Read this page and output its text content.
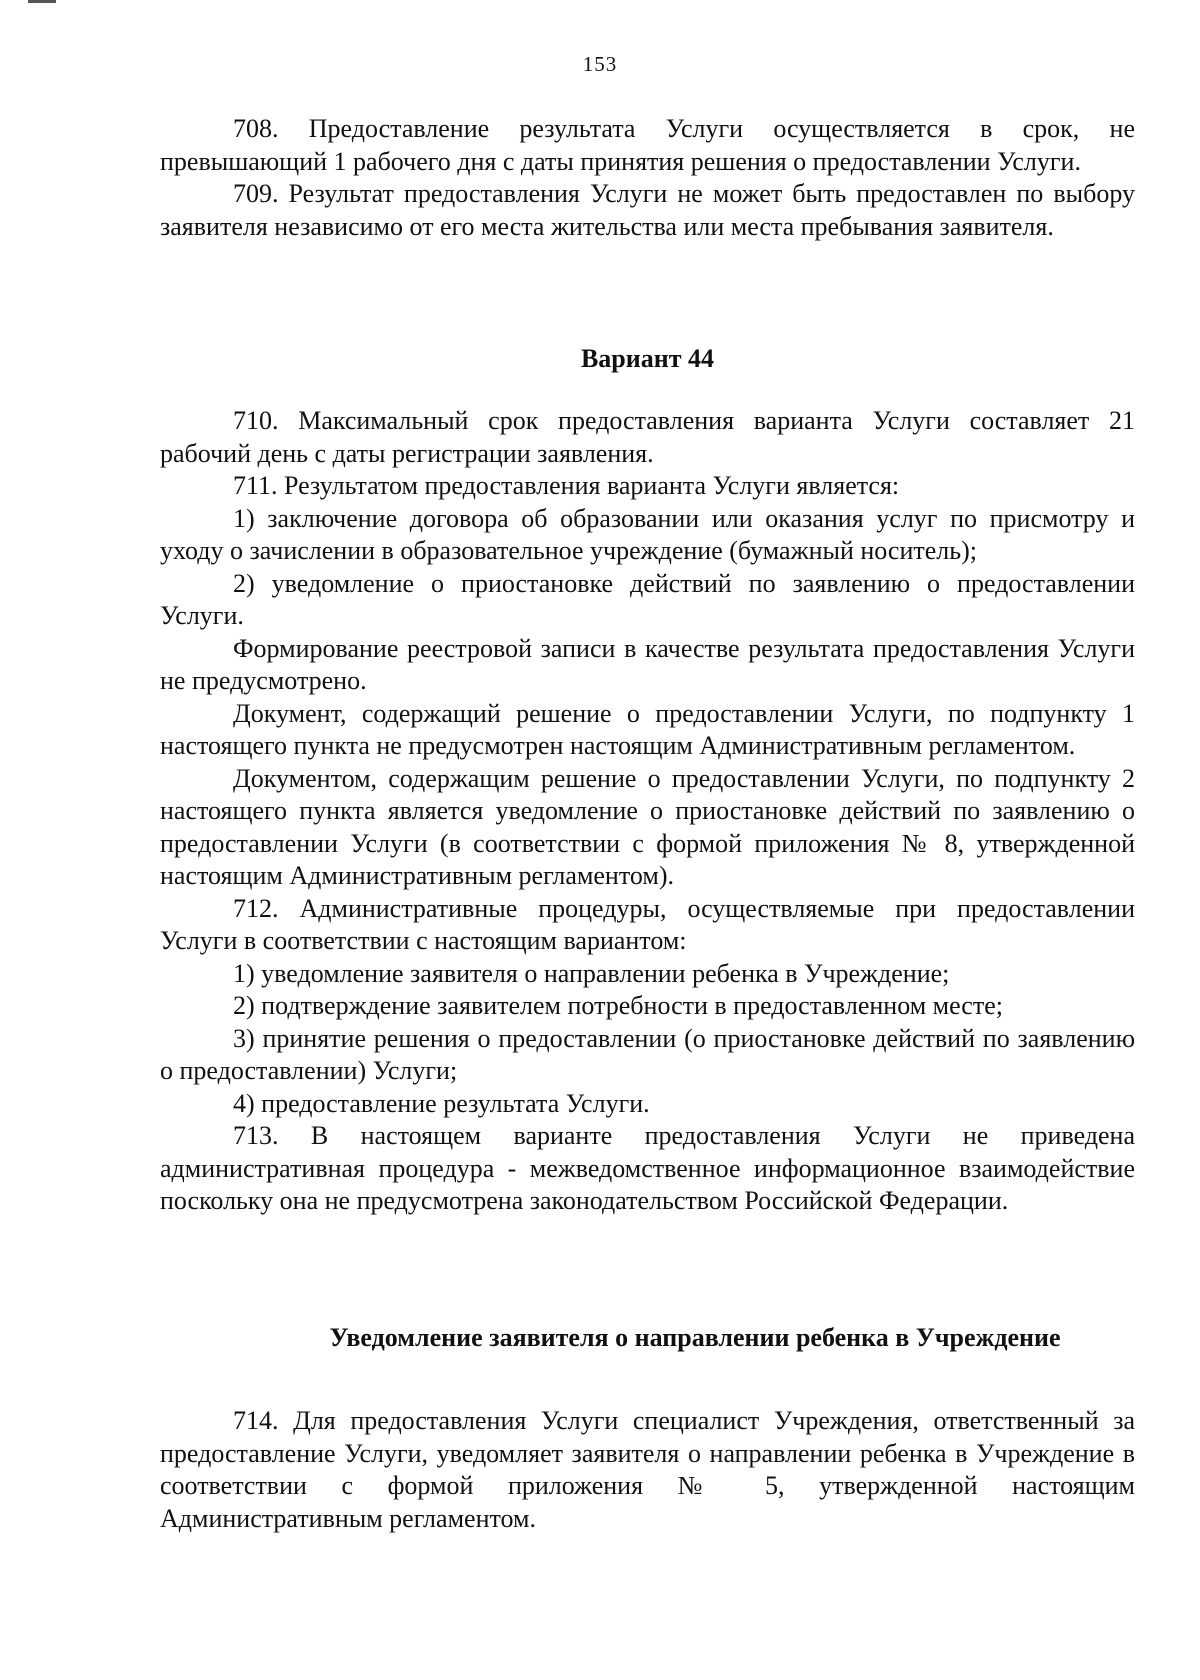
153

708. Предоставление результата Услуги осуществляется в срок, не превышающий 1 рабочего дня с даты принятия решения о предоставлении Услуги.

709. Результат предоставления Услуги не может быть предоставлен по выбору заявителя независимо от его места жительства или места пребывания заявителя.

Вариант 44

710. Максимальный срок предоставления варианта Услуги составляет 21 рабочий день с даты регистрации заявления.

711. Результатом предоставления варианта Услуги является:

1) заключение договора об образовании или оказания услуг по присмотру и уходу о зачислении в образовательное учреждение (бумажный носитель);

2) уведомление о приостановке действий по заявлению о предоставлении Услуги.

Формирование реестровой записи в качестве результата предоставления Услуги не предусмотрено.

Документ, содержащий решение о предоставлении Услуги, по подпункту 1 настоящего пункта не предусмотрен настоящим Административным регламентом.

Документом, содержащим решение о предоставлении Услуги, по подпункту 2 настоящего пункта является уведомление о приостановке действий по заявлению о предоставлении Услуги (в соответствии с формой приложения № 8, утвержденной настоящим Административным регламентом).

712. Административные процедуры, осуществляемые при предоставлении Услуги в соответствии с настоящим вариантом:

1) уведомление заявителя о направлении ребенка в Учреждение;

2) подтверждение заявителем потребности в предоставленном месте;

3) принятие решения о предоставлении (о приостановке действий по заявлению о предоставлении) Услуги;

4) предоставление результата Услуги.

713. В настоящем варианте предоставления Услуги не приведена административная процедура - межведомственное информационное взаимодействие поскольку она не предусмотрена законодательством Российской Федерации.

Уведомление заявителя о направлении ребенка в Учреждение

714. Для предоставления Услуги специалист Учреждения, ответственный за предоставление Услуги, уведомляет заявителя о направлении ребенка в Учреждение в соответствии с формой приложения № 5, утвержденной настоящим Административным регламентом.
